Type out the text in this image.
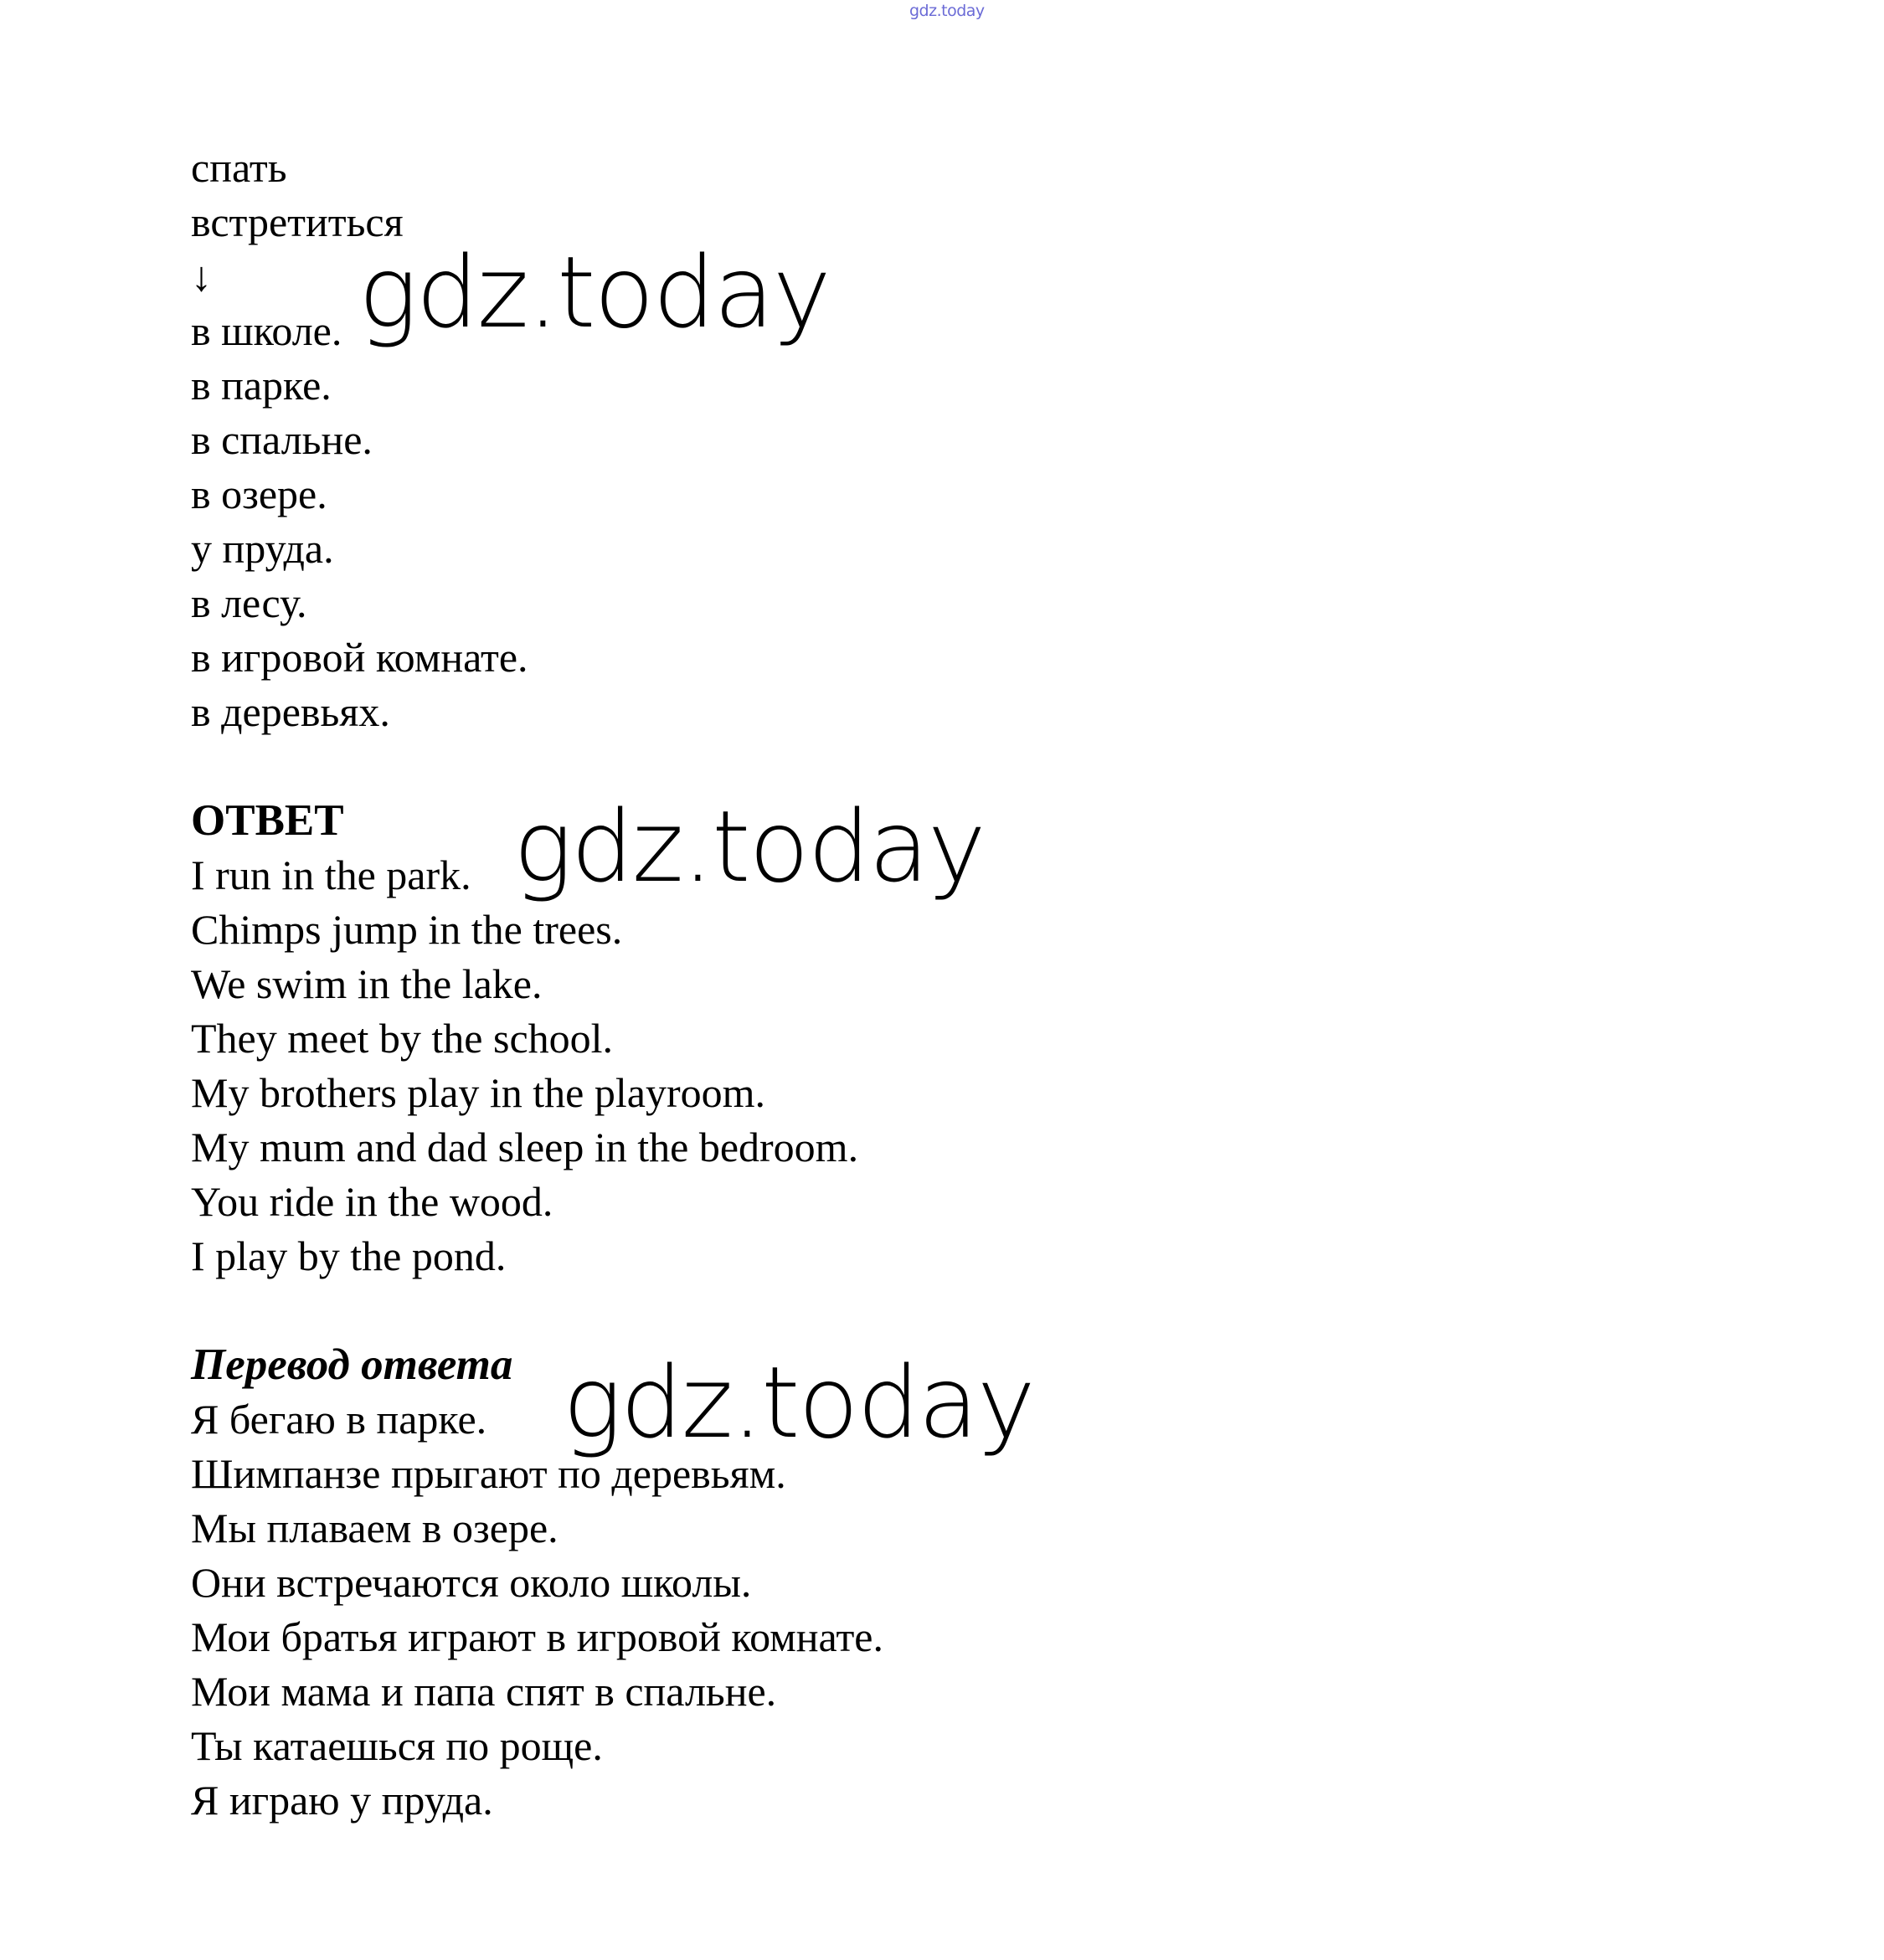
gdz.today
спать
встретиться
↓
в школе.
в парке.
в спальне.
в озере.
у пруда.
в лесу.
в игровой комнате.
в деревьях.
ОТВЕТ
I run in the park.
Chimps jump in the trees.
We swim in the lake.
They meet by the school.
My brothers play in the playroom.
My mum and dad sleep in the bedroom.
You ride in the wood.
I play by the pond.
Перевод ответа
Я бегаю в парке.
Шимпанзе прыгают по деревьям.
Мы плаваем в озере.
Они встречаются около школы.
Мои братья играют в игровой комнате.
Мои мама и папа спят в спальне.
Ты катаешься по роще.
Я играю у пруда.
gdz.today
gdz.today
gdz.today
